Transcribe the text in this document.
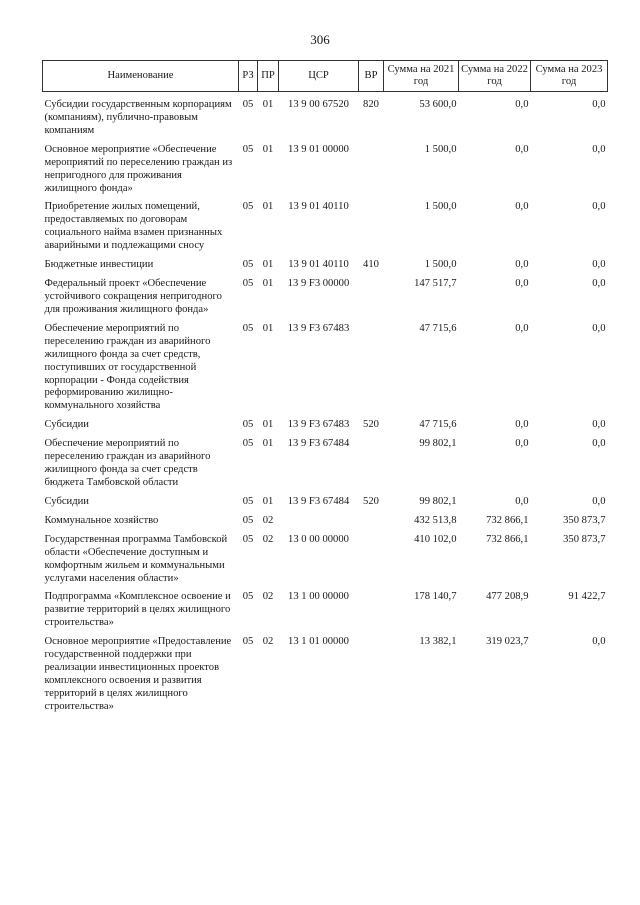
306
Наименование	РЗ	ПР	ЦСР	ВР	Сумма на 2021 год	Сумма на 2022 год	Сумма на 2023 год
Субсидии государственным корпорациям (компаниям), публично-правовым компаниям	05	01	13 9 00 67520	820	53 600,0	0,0	0,0
Основное мероприятие «Обеспечение мероприятий по переселению граждан из непригодного для проживания жилищного фонда»	05	01	13 9 01 00000		1 500,0	0,0	0,0
Приобретение жилых помещений, предоставляемых по договорам социального найма взамен признанных аварийными и подлежащими сносу	05	01	13 9 01 40110		1 500,0	0,0	0,0
Бюджетные инвестиции	05	01	13 9 01 40110	410	1 500,0	0,0	0,0
Федеральный проект «Обеспечение устойчивого сокращения непригодного для проживания жилищного фонда»	05	01	13 9 F3 00000		147 517,7	0,0	0,0
Обеспечение мероприятий по переселению граждан из аварийного жилищного фонда за счет средств, поступивших от государственной корпорации - Фонда содействия реформированию жилищно-коммунального хозяйства	05	01	13 9 F3 67483		47 715,6	0,0	0,0
Субсидии	05	01	13 9 F3 67483	520	47 715,6	0,0	0,0
Обеспечение мероприятий по переселению граждан из аварийного жилищного фонда за счет средств бюджета Тамбовской области	05	01	13 9 F3 67484		99 802,1	0,0	0,0
Субсидии	05	01	13 9 F3 67484	520	99 802,1	0,0	0,0
Коммунальное хозяйство	05	02			432 513,8	732 866,1	350 873,7
Государственная программа Тамбовской области «Обеспечение доступным и комфортным жильем и коммунальными услугами населения области»	05	02	13 0 00 00000		410 102,0	732 866,1	350 873,7
Подпрограмма «Комплексное освоение и развитие территорий в целях жилищного строительства»	05	02	13 1 00 00000		178 140,7	477 208,9	91 422,7
Основное мероприятие «Предоставление государственной поддержки при реализации инвестиционных проектов комплексного освоения и развития территорий в целях жилищного строительства»	05	02	13 1 01 00000		13 382,1	319 023,7	0,0
